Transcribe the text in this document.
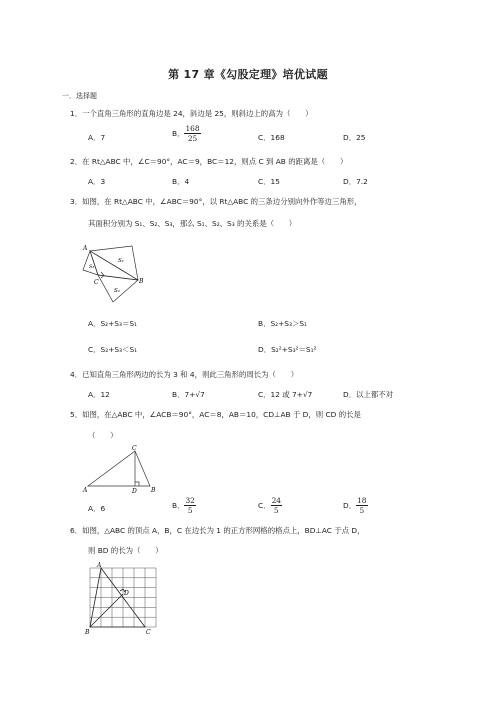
第 17 章《勾股定理》培优试题
一．选择题
1．一个直角三角形的直角边是 24，斜边是 25，则斜边上的高为（　　）
A．7	B． $\frac{168}{25}$	C．168	D．25
2．在 Rt△ABC 中，∠C＝90°，AC＝9，BC＝12，则点 C 到 AB 的距离是（　　）
A．3	B．4	C．15	D．7.2
3．如图，在 Rt△ABC 中，∠ABC＝90°，以 Rt△ABC 的三条边分别向外作等边三角形，
其面积分别为 S₁、S₂、S₃，那么 S₁、S₂、S₃ 的关系是（　　）
A
B
C
S₁
S₂
S₃
A．S₂+S₃＝S₁	B．S₂+S₃＞S₁
C．S₂+S₃＜S₁	D．S₂²+S₃²＝S₁²
4．已知直角三角形两边的长为 3 和 4，则此三角形的周长为（　　）
A．12	B．7+√7	C．12 或 7+√7	D．以上都不对
5．如图，在△ABC 中，∠ACB＝90°，AC＝8，AB＝10，CD⊥AB 于 D，则 CD 的长是
（　　）
A	B
C
D
A．6	B． $\frac{32}{5}$	C． $\frac{24}{5}$	D． $\frac{18}{5}$
6．如图，△ABC 的顶点 A，B，C 在边长为 1 的正方形网格的格点上，BD⊥AC 于点 D，
则 BD 的长为（　　）
A
B	C
D
